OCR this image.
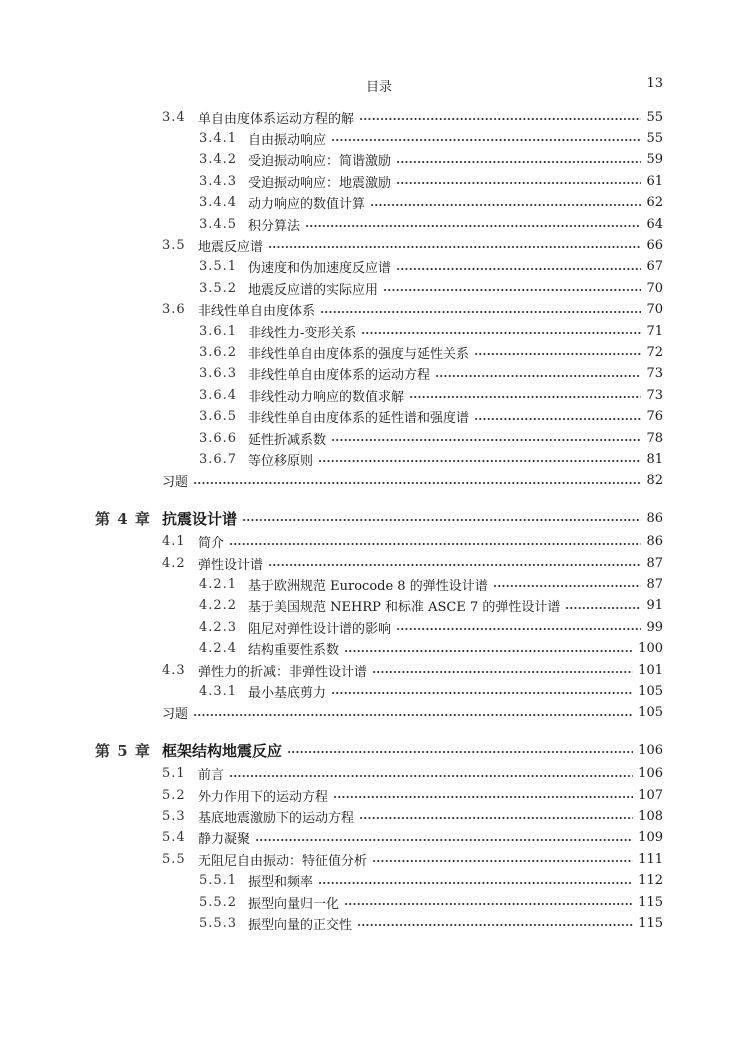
目录	13
3.4 单自由度体系运动方程的解	55
3.4.1 自由振动响应	55
3.4.2 受迫振动响应：简谐激励	59
3.4.3 受迫振动响应：地震激励	61
3.4.4 动力响应的数值计算	62
3.4.5 积分算法	64
3.5 地震反应谱	66
3.5.1 伪速度和伪加速度反应谱	67
3.5.2 地震反应谱的实际应用	70
3.6 非线性单自由度体系	70
3.6.1 非线性力-变形关系	71
3.6.2 非线性单自由度体系的强度与延性关系	72
3.6.3 非线性单自由度体系的运动方程	73
3.6.4 非线性动力响应的数值求解	73
3.6.5 非线性单自由度体系的延性谱和强度谱	76
3.6.6 延性折减系数	78
3.6.7 等位移原则	81
习题	82
第 4 章 抗震设计谱	86
4.1 简介	86
4.2 弹性设计谱	87
4.2.1 基于欧洲规范 Eurocode 8 的弹性设计谱	87
4.2.2 基于美国规范 NEHRP 和标准 ASCE 7 的弹性设计谱	91
4.2.3 阻尼对弹性设计谱的影响	99
4.2.4 结构重要性系数	100
4.3 弹性力的折减：非弹性设计谱	101
4.3.1 最小基底剪力	105
习题	105
第 5 章 框架结构地震反应	106
5.1 前言	106
5.2 外力作用下的运动方程	107
5.3 基底地震激励下的运动方程	108
5.4 静力凝聚	109
5.5 无阻尼自由振动：特征值分析	111
5.5.1 振型和频率	112
5.5.2 振型向量归一化	115
5.5.3 振型向量的正交性	115
